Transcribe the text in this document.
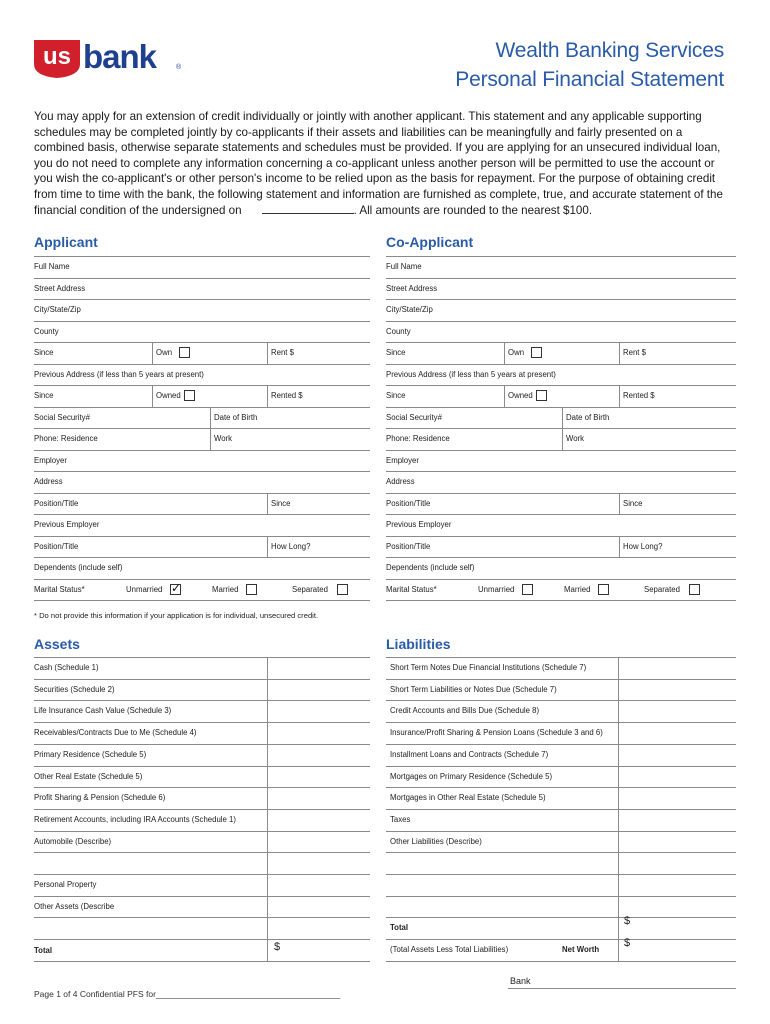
us bank	®
Wealth Banking Services
Personal Financial Statement
You may apply for an extension of credit individually or jointly with another applicant. This statement and any applicable supporting schedules may be completed jointly by co-applicants if their assets and liabilities can be meaningfully and fairly presented on a combined basis, otherwise separate statements and schedules must be provided. If you are applying for an unsecured individual loan, you do not need to complete any information concerning a co-applicant unless another person will be permitted to use the account or you wish the co-applicant's or other person's income to be relied upon as the basis for repayment. For the purpose of obtaining credit from time to time with the bank, the following statement and information are furnished as complete, true, and accurate statement of the financial condition of the undersigned on	. All amounts are rounded to the nearest $100.
Applicant	Co-Applicant
Full Name
Street Address
City/State/Zip
County
Since	Own	Rent $
Previous Address (if less than 5 years at present)
Since	Owned	Rented $
Social Security#	Date of Birth
Phone: Residence	Work
Employer
Address
Position/Title	Since
Previous Employer
Position/Title	How Long?
Dependents (include self)
Marital Status*	Unmarried
✓	Married	Separated
Full Name
Street Address
City/State/Zip
County
Since	Own	Rent $
Previous Address (if less than 5 years at present)
Since	Owned	Rented $
Social Security#	Date of Birth
Phone: Residence	Work
Employer
Address
Position/Title	Since
Previous Employer
Position/Title	How Long?
Dependents (include self)
Marital Status*	Unmarried	Married	Separated
* Do not provide this information if your application is for individual, unsecured credit.
Assets	Liabilities
Cash (Schedule 1)
Securities (Schedule 2)
Life Insurance Cash Value (Schedule 3)
Receivables/Contracts Due to Me (Schedule 4)
Primary Residence (Schedule 5)
Other Real Estate (Schedule 5)
Profit Sharing & Pension (Schedule 6)
Retirement Accounts, including IRA Accounts (Schedule 1)
Automobile (Describe)
Personal Property
Other Assets (Describe
Total	$
Short Term Notes Due Financial Institutions (Schedule 7)
Short Term Liabilities or Notes Due (Schedule 7)
Credit Accounts and Bills Due (Schedule 8)
Insurance/Profit Sharing & Pension Loans (Schedule 3 and 6)
Installment Loans and Contracts (Schedule 7)
Mortgages on Primary Residence (Schedule 5)
Mortgages in Other Real Estate (Schedule 5)
Taxes
Other Liabilities (Describe)
Total
$
(Total Assets Less Total Liabilities)	Net Worth
$
Page 1 of 4 Confidential PFS for_______________________________________
Bank
